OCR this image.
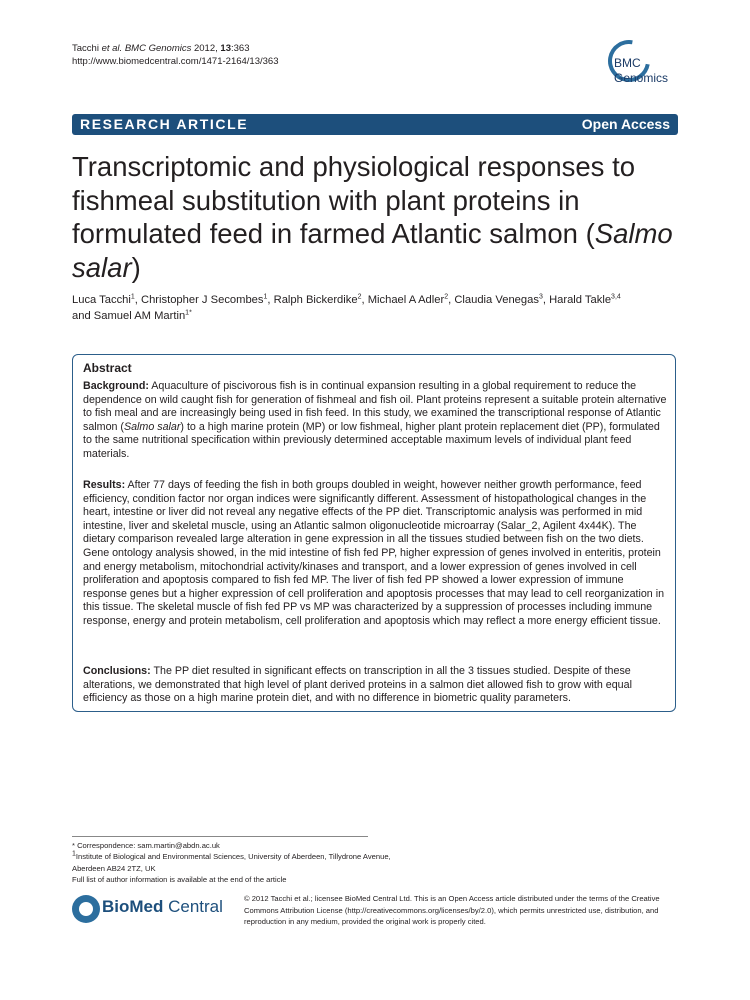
Tacchi et al. BMC Genomics 2012, 13:363
http://www.biomedcentral.com/1471-2164/13/363	BMC
Genomics
RESEARCH ARTICLE	Open Access
Transcriptomic and physiological responses to fishmeal substitution with plant proteins in formulated feed in farmed Atlantic salmon (Salmo salar)
Luca Tacchi$^1$, Christopher J Secombes$^1$, Ralph Bickerdike$^2$, Michael A Adler$^2$, Claudia Venegas$^3$, Harald Takle$^{3,4}$
and Samuel AM Martin$^{1*}$
Abstract
Background: Aquaculture of piscivorous fish is in continual expansion resulting in a global requirement to reduce the dependence on wild caught fish for generation of fishmeal and fish oil. Plant proteins represent a suitable protein alternative to fish meal and are increasingly being used in fish feed. In this study, we examined the transcriptional response of Atlantic salmon (Salmo salar) to a high marine protein (MP) or low fishmeal, higher plant protein replacement diet (PP), formulated to the same nutritional specification within previously determined acceptable maximum levels of individual plant feed materials.
Results: After 77 days of feeding the fish in both groups doubled in weight, however neither growth performance, feed efficiency, condition factor nor organ indices were significantly different. Assessment of histopathological changes in the heart, intestine or liver did not reveal any negative effects of the PP diet. Transcriptomic analysis was performed in mid intestine, liver and skeletal muscle, using an Atlantic salmon oligonucleotide microarray (Salar_2, Agilent 4x44K). The dietary comparison revealed large alteration in gene expression in all the tissues studied between fish on the two diets. Gene ontology analysis showed, in the mid intestine of fish fed PP, higher expression of genes involved in enteritis, protein and energy metabolism, mitochondrial activity/kinases and transport, and a lower expression of genes involved in cell proliferation and apoptosis compared to fish fed MP. The liver of fish fed PP showed a lower expression of immune response genes but a higher expression of cell proliferation and apoptosis processes that may lead to cell reorganization in this tissue. The skeletal muscle of fish fed PP vs MP was characterized by a suppression of processes including immune response, energy and protein metabolism, cell proliferation and apoptosis which may reflect a more energy efficient tissue.
Conclusions: The PP diet resulted in significant effects on transcription in all the 3 tissues studied. Despite of these alterations, we demonstrated that high level of plant derived proteins in a salmon diet allowed fish to grow with equal efficiency as those on a high marine protein diet, and with no difference in biometric quality parameters.
* Correspondence: sam.martin@abdn.ac.uk
$^1$Institute of Biological and Environmental Sciences, University of Aberdeen, Tillydrone Avenue, Aberdeen AB24 2TZ, UK
Full list of author information is available at the end of the article
BioMed Central	© 2012 Tacchi et al.; licensee BioMed Central Ltd. This is an Open Access article distributed under the terms of the Creative Commons Attribution License (http://creativecommons.org/licenses/by/2.0), which permits unrestricted use, distribution, and reproduction in any medium, provided the original work is properly cited.
